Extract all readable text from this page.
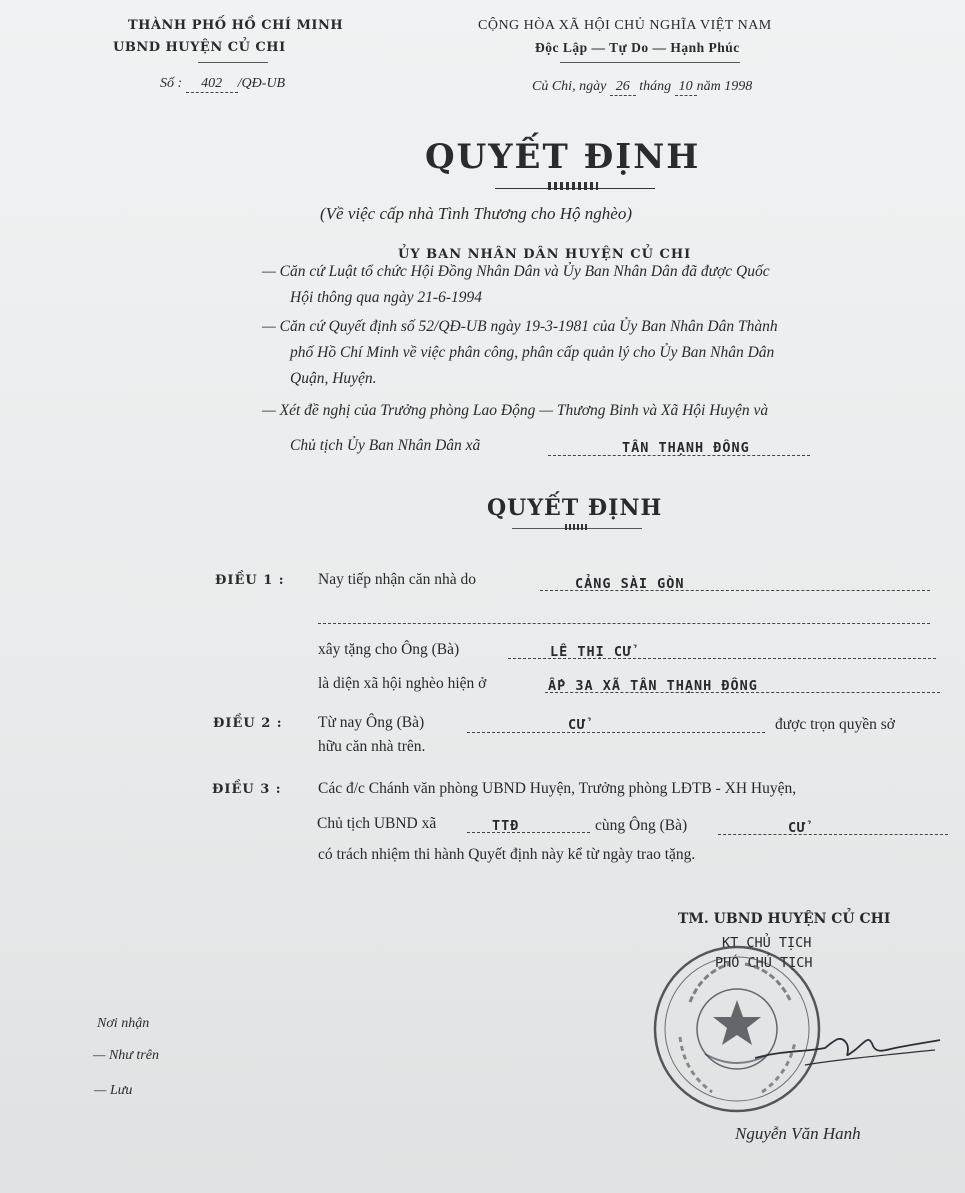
THÀNH PHỐ HỒ CHÍ MINH
UBND HUYỆN CỦ CHI
Số : 402 /QĐ-UB
CỘNG HÒA XÃ HỘI CHỦ NGHĨA VIỆT NAM
Độc Lập — Tự Do — Hạnh Phúc
Củ Chi, ngày 26 tháng 10 năm 1998
QUYẾT ĐỊNH
(Về việc cấp nhà Tình Thương cho Hộ nghèo)
ỦY BAN NHÂN DÂN HUYỆN CỦ CHI
— Căn cứ Luật tổ chức Hội Đồng Nhân Dân và Ủy Ban Nhân Dân đã được Quốc
Hội thông qua ngày 21-6-1994
— Căn cứ Quyết định số 52/QĐ-UB ngày 19-3-1981 của Ủy Ban Nhân Dân Thành
phố Hồ Chí Minh về việc phân công, phân cấp quản lý cho Ủy Ban Nhân Dân
Quận, Huyện.
— Xét đề nghị của Trưởng phòng Lao Động — Thương Binh và Xã Hội Huyện và
Chủ tịch Ủy Ban Nhân Dân xã	TÂN THẠNH ĐÔNG
QUYẾT ĐỊNH
ĐIỀU 1 : Nay tiếp nhận căn nhà do	CẢNG SÀI GÒN
xây tặng cho Ông (Bà)	LÊ THỊ CỬ
là diện xã hội nghèo hiện ở	ẤP 3A XÃ TÂN THẠNH ĐÔNG
ĐIỀU 2 : Từ nay Ông (Bà)	CỬ	được trọn quyền sở
hữu căn nhà trên.
ĐIỀU 3 : Các đ/c Chánh văn phòng UBND Huyện, Trưởng phòng LĐTB - XH Huyện,
Chủ tịch UBND xã	TTĐ	cùng Ông (Bà)	CỬ
có trách nhiệm thi hành Quyết định này kể từ ngày trao tặng.
TM. UBND HUYỆN CỦ CHI
KT CHỦ TỊCH
PHÓ CHỦ TỊCH
Nguyễn Văn Hanh
Nơi nhận
— Như trên
— Lưu
